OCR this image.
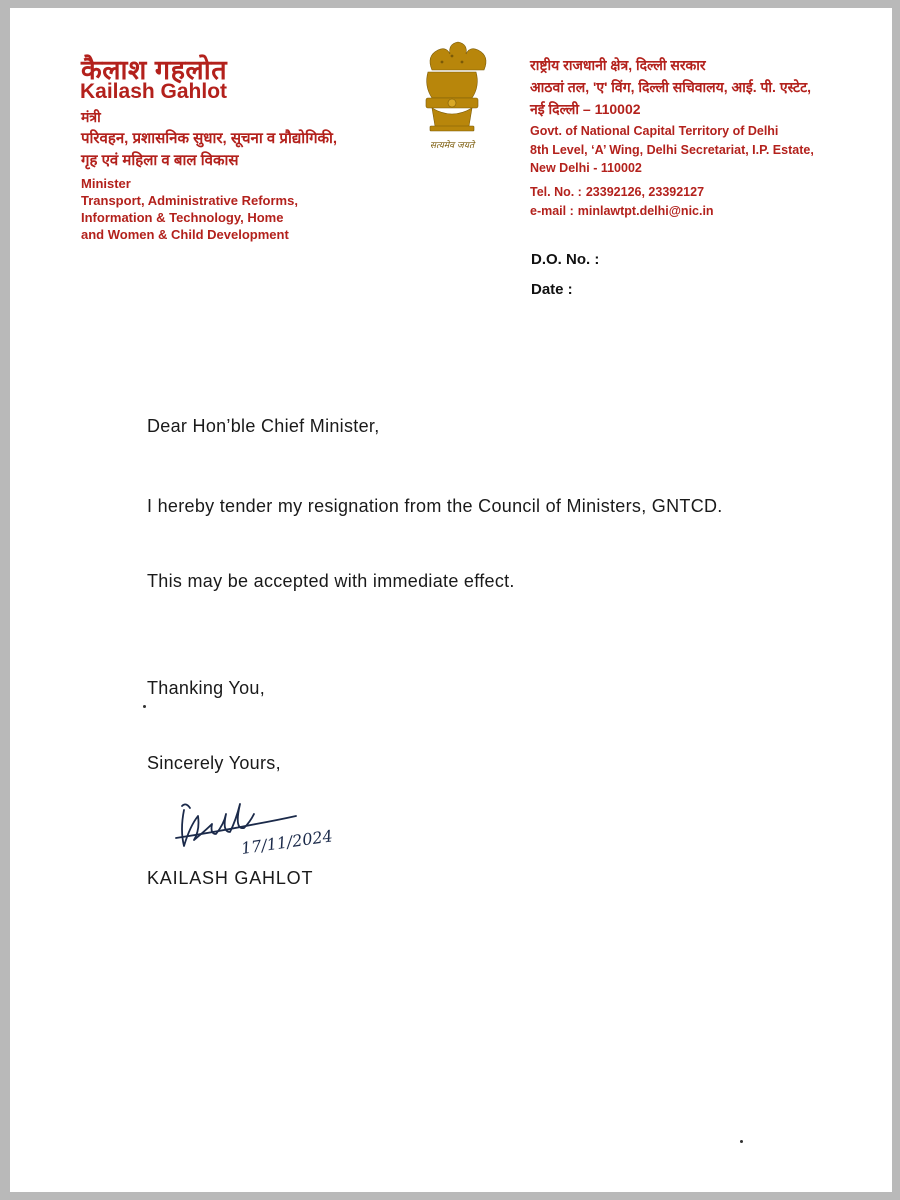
कैलाश गहलोत
Kailash Gahlot
मंत्री
परिवहन, प्रशासनिक सुधार, सूचना व प्रौद्योगिकी,
गृह एवं महिला व बाल विकास
Minister
Transport, Administrative Reforms,
Information & Technology, Home
and Women & Child Development
सत्यमेव जयते
राष्ट्रीय राजधानी क्षेत्र, दिल्ली सरकार
आठवां तल, 'ए' विंग, दिल्ली सचिवालय, आई. पी. एस्टेट,
नई दिल्ली – 110002
Govt. of National Capital Territory of Delhi
8th Level, ‘A’ Wing, Delhi Secretariat, I.P. Estate,
New Delhi - 110002
Tel. No. : 23392126, 23392127
e-mail : minlawtpt.delhi@nic.in
D.O. No. :
Date :
Dear Hon’ble Chief Minister,
I hereby tender my resignation from the Council of Ministers, GNTCD.
This may be accepted with immediate effect.
Thanking You,
Sincerely Yours,
17/11/2024
KAILASH GAHLOT
